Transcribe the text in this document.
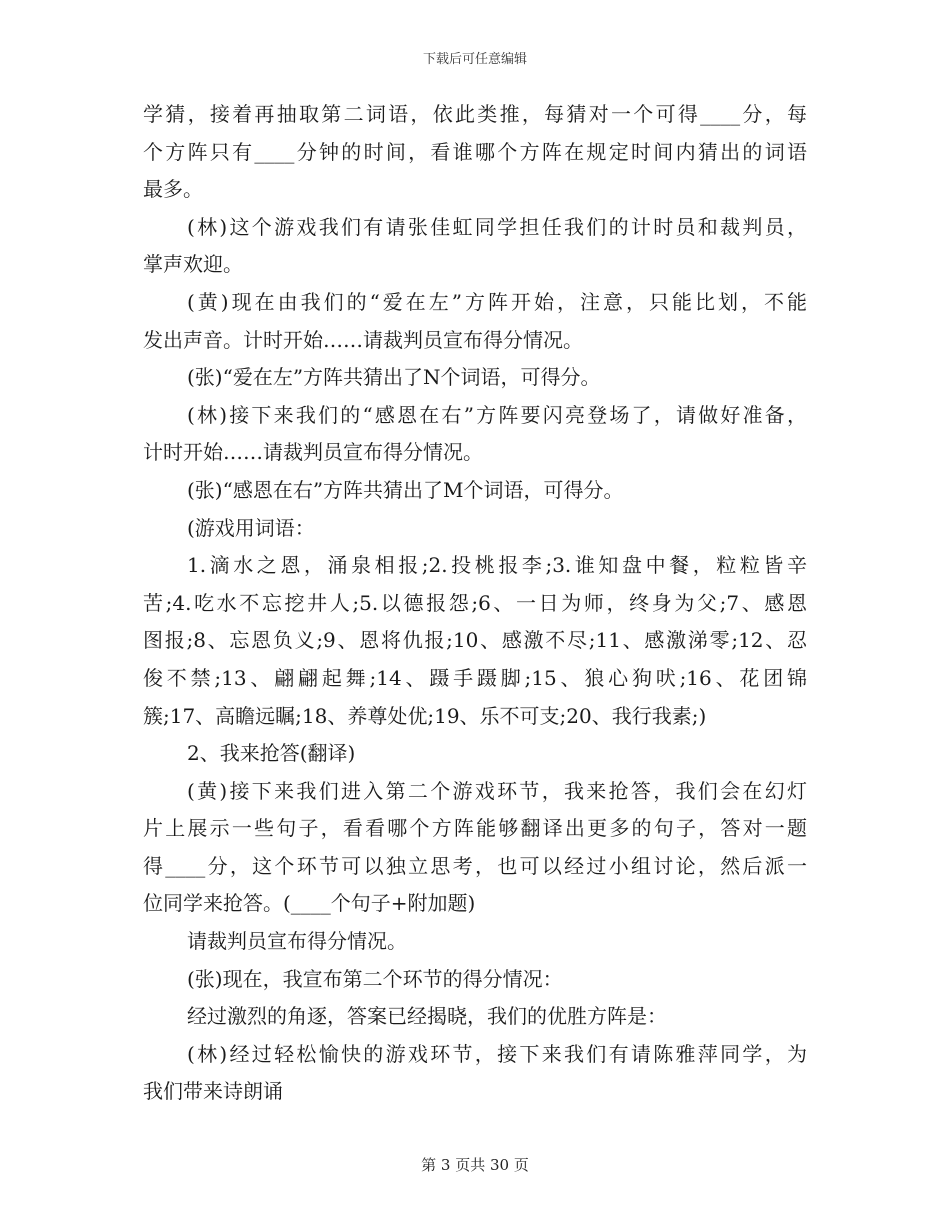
下载后可任意编辑
学猜，接着再抽取第二词语，依此类推，每猜对一个可得____分，每
个方阵只有____分钟的时间，看谁哪个方阵在规定时间内猜出的词语
最多。
(林)这个游戏我们有请张佳虹同学担任我们的计时员和裁判员，
掌声欢迎。
(黄)现在由我们的“爱在左”方阵开始，注意，只能比划，不能
发出声音。计时开始……请裁判员宣布得分情况。
(张)“爱在左”方阵共猜出了N个词语，可得分。
(林)接下来我们的“感恩在右”方阵要闪亮登场了，请做好准备，
计时开始……请裁判员宣布得分情况。
(张)“感恩在右”方阵共猜出了M个词语，可得分。
(游戏用词语：
1.滴水之恩，涌泉相报;2.投桃报李;3.谁知盘中餐，粒粒皆辛
苦;4.吃水不忘挖井人;5.以德报怨;6、一日为师，终身为父;7、感恩
图报;8、忘恩负义;9、恩将仇报;10、感激不尽;11、感激涕零;12、忍
俊不禁;13、翩翩起舞;14、蹑手蹑脚;15、狼心狗吠;16、花团锦
簇;17、高瞻远瞩;18、养尊处优;19、乐不可支;20、我行我素;)
2、我来抢答(翻译)
(黄)接下来我们进入第二个游戏环节，我来抢答，我们会在幻灯
片上展示一些句子，看看哪个方阵能够翻译出更多的句子，答对一题
得____分，这个环节可以独立思考，也可以经过小组讨论，然后派一
位同学来抢答。(____个句子+附加题)
请裁判员宣布得分情况。
(张)现在，我宣布第二个环节的得分情况：
经过激烈的角逐，答案已经揭晓，我们的优胜方阵是：
(林)经过轻松愉快的游戏环节，接下来我们有请陈雅萍同学，为
我们带来诗朗诵
第 3 页共 30 页
